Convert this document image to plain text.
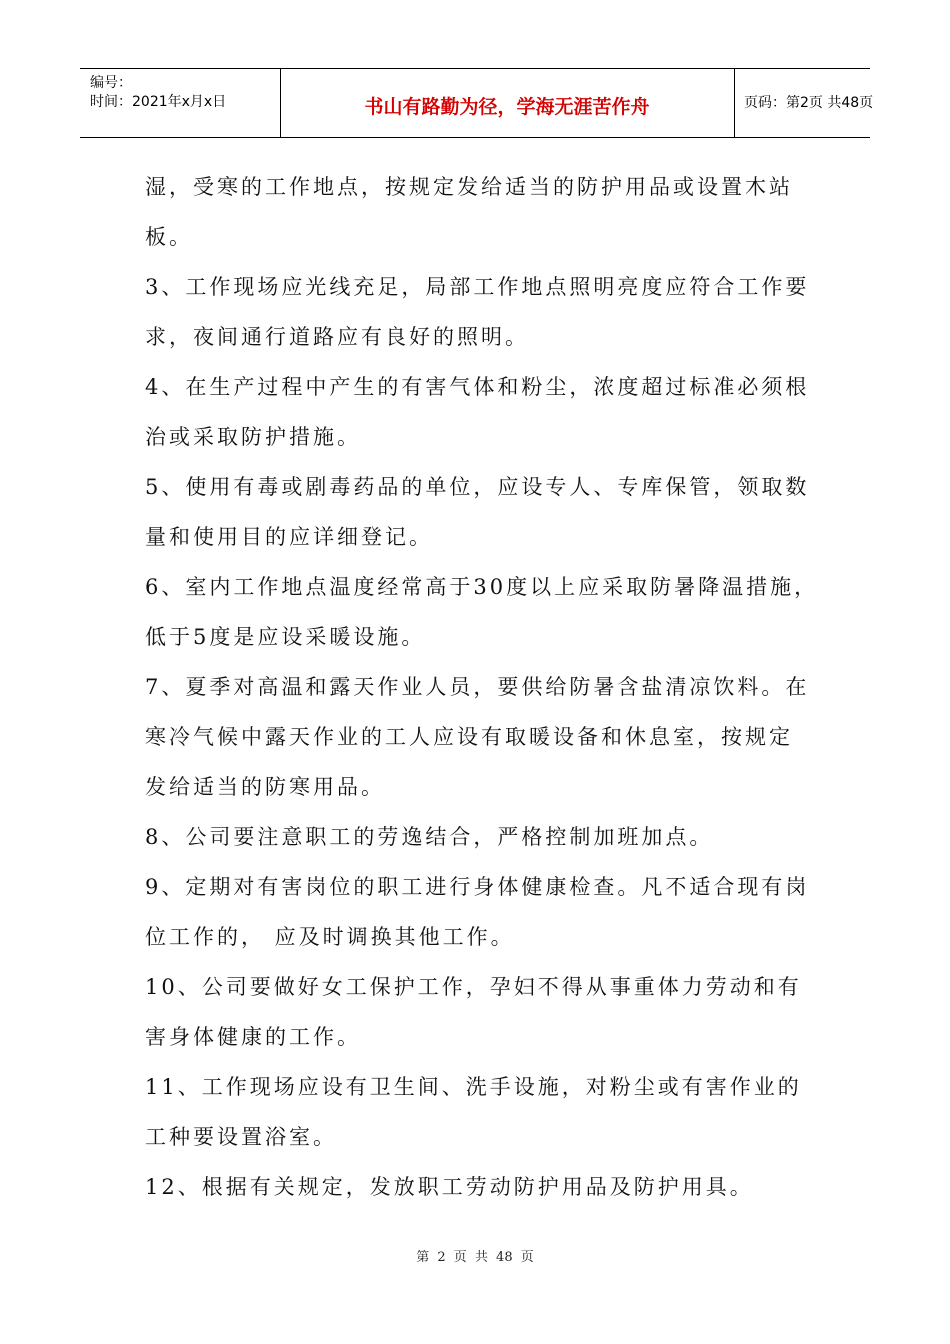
编号：
时间：2021年x月x日	书山有路勤为径，学海无涯苦作舟	页码：第2页 共48页
湿，受寒的工作地点，按规定发给适当的防护用品或设置木站
板。
3、工作现场应光线充足，局部工作地点照明亮度应符合工作要
求，夜间通行道路应有良好的照明。
4、在生产过程中产生的有害气体和粉尘，浓度超过标准必须根
治或采取防护措施。
5、使用有毒或剧毒药品的单位，应设专人、专库保管，领取数
量和使用目的应详细登记。
6、室内工作地点温度经常高于30度以上应采取防暑降温措施，
低于5度是应设采暖设施。
7、夏季对高温和露天作业人员，要供给防暑含盐清凉饮料。在
寒冷气候中露天作业的工人应设有取暖设备和休息室，按规定
发给适当的防寒用品。
8、公司要注意职工的劳逸结合，严格控制加班加点。
9、定期对有害岗位的职工进行身体健康检查。凡不适合现有岗
位工作的， 应及时调换其他工作。
10、公司要做好女工保护工作，孕妇不得从事重体力劳动和有
害身体健康的工作。
11、工作现场应设有卫生间、洗手设施，对粉尘或有害作业的
工种要设置浴室。
12、根据有关规定，发放职工劳动防护用品及防护用具。
第 2 页 共 48 页
